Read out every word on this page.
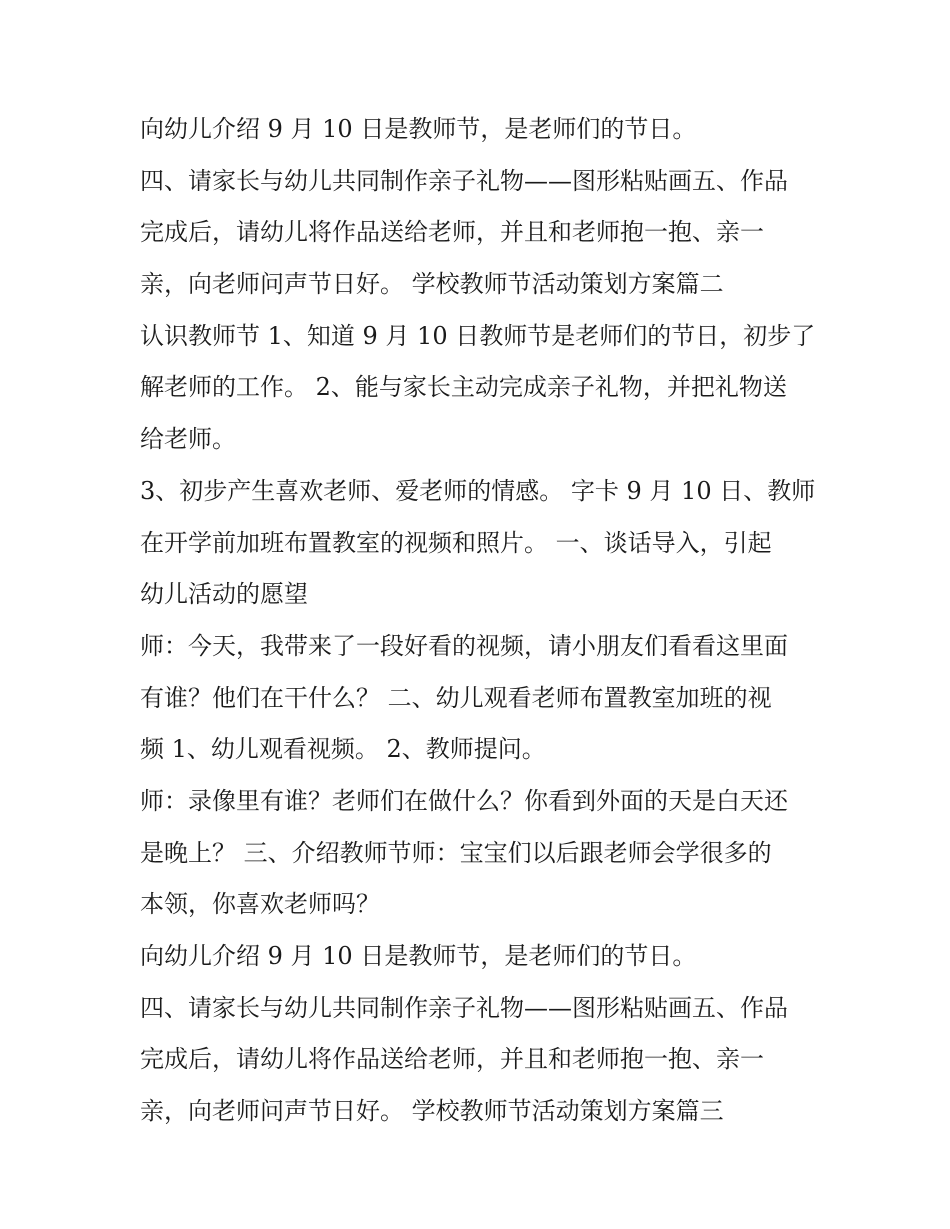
向幼儿介绍 9 月 10 日是教师节，是老师们的节日。
四、请家长与幼儿共同制作亲子礼物——图形粘贴画五、作品
完成后，请幼儿将作品送给老师，并且和老师抱一抱、亲一
亲，向老师问声节日好。 学校教师节活动策划方案篇二
认识教师节 1、知道 9 月 10 日教师节是老师们的节日，初步了
解老师的工作。 2、能与家长主动完成亲子礼物，并把礼物送
给老师。
3、初步产生喜欢老师、爱老师的情感。 字卡 9 月 10 日、教师
在开学前加班布置教室的视频和照片。 一、谈话导入，引起
幼儿活动的愿望
师：今天，我带来了一段好看的视频，请小朋友们看看这里面
有谁？他们在干什么？ 二、幼儿观看老师布置教室加班的视
频 1、幼儿观看视频。 2、教师提问。
师：录像里有谁？老师们在做什么？你看到外面的天是白天还
是晚上？ 三、介绍教师节师：宝宝们以后跟老师会学很多的
本领，你喜欢老师吗？
向幼儿介绍 9 月 10 日是教师节，是老师们的节日。
四、请家长与幼儿共同制作亲子礼物——图形粘贴画五、作品
完成后，请幼儿将作品送给老师，并且和老师抱一抱、亲一
亲，向老师问声节日好。 学校教师节活动策划方案篇三
